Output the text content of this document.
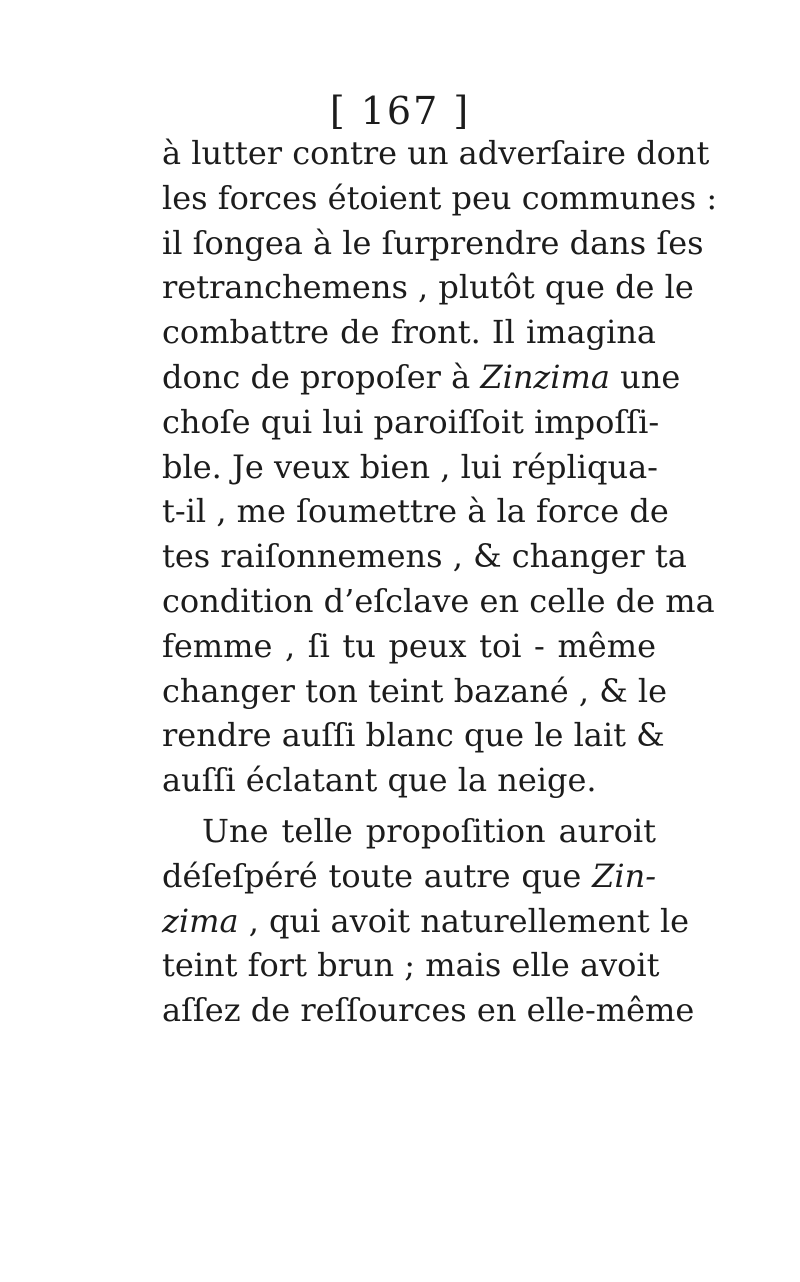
[ 167 ]
à lutter contre un adverſaire dont
les forces étoient peu communes :
il ſongea à le ſurprendre dans ſes
retranchemens , plutôt que de le
combattre de front. Il imagina
donc de propoſer à Zinzima une
choſe qui lui paroiſſoit impoſſi-
ble. Je veux bien , lui répliqua-
t-il , me ſoumettre à la force de
tes raiſonnemens , & changer ta
condition d’eſclave en celle de ma
femme , ſi tu peux toi - même
changer ton teint bazané , & le
rendre auſſi blanc que le lait &
auſſi éclatant que la neige.
Une telle propoſition auroit
déſeſpéré toute autre que Zin-
zima , qui avoit naturellement le
teint fort brun ; mais elle avoit
aſſez de reſſources en elle-même
